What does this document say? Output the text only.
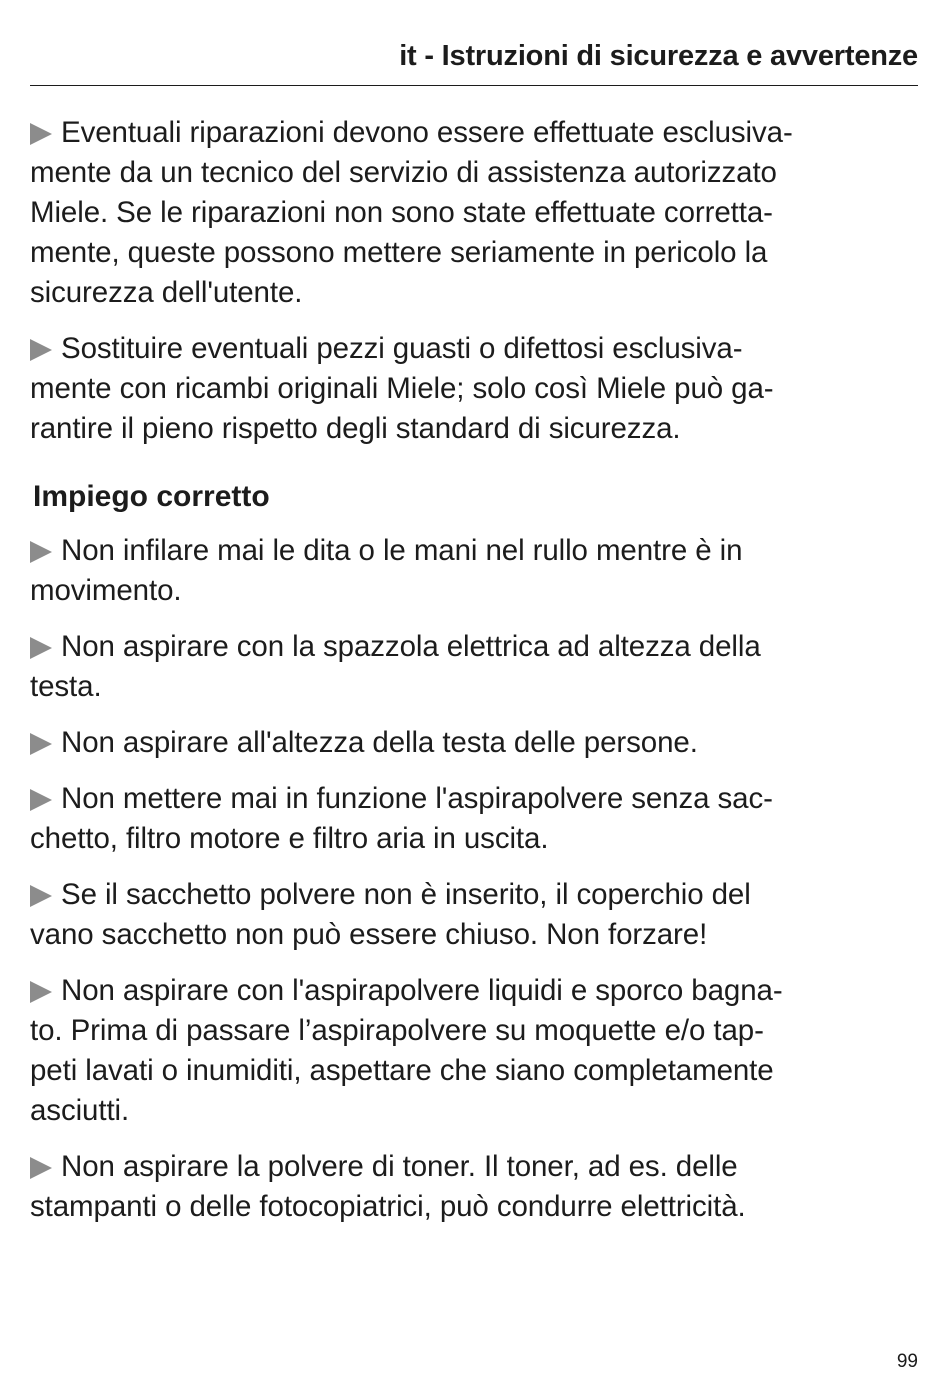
it - Istruzioni di sicurezza e avvertenze

Eventuali riparazioni devono essere effettuate esclusiva-
mente da un tecnico del servizio di assistenza autorizzato
Miele. Se le riparazioni non sono state effettuate corretta-
mente, queste possono mettere seriamente in pericolo la
sicurezza dell'utente.

Sostituire eventuali pezzi guasti o difettosi esclusiva-
mente con ricambi originali Miele; solo così Miele può ga-
rantire il pieno rispetto degli standard di sicurezza.

Impiego corretto

Non infilare mai le dita o le mani nel rullo mentre è in
movimento.

Non aspirare con la spazzola elettrica ad altezza della
testa.

Non aspirare all'altezza della testa delle persone.

Non mettere mai in funzione l'aspirapolvere senza sac-
chetto, filtro motore e filtro aria in uscita.

Se il sacchetto polvere non è inserito, il coperchio del
vano sacchetto non può essere chiuso. Non forzare!

Non aspirare con l'aspirapolvere liquidi e sporco bagna-
to. Prima di passare l’aspirapolvere su moquette e/o tap-
peti lavati o inumiditi, aspettare che siano completamente
asciutti.

Non aspirare la polvere di toner. Il toner, ad es. delle
stampanti o delle fotocopiatrici, può condurre elettricità.

99
